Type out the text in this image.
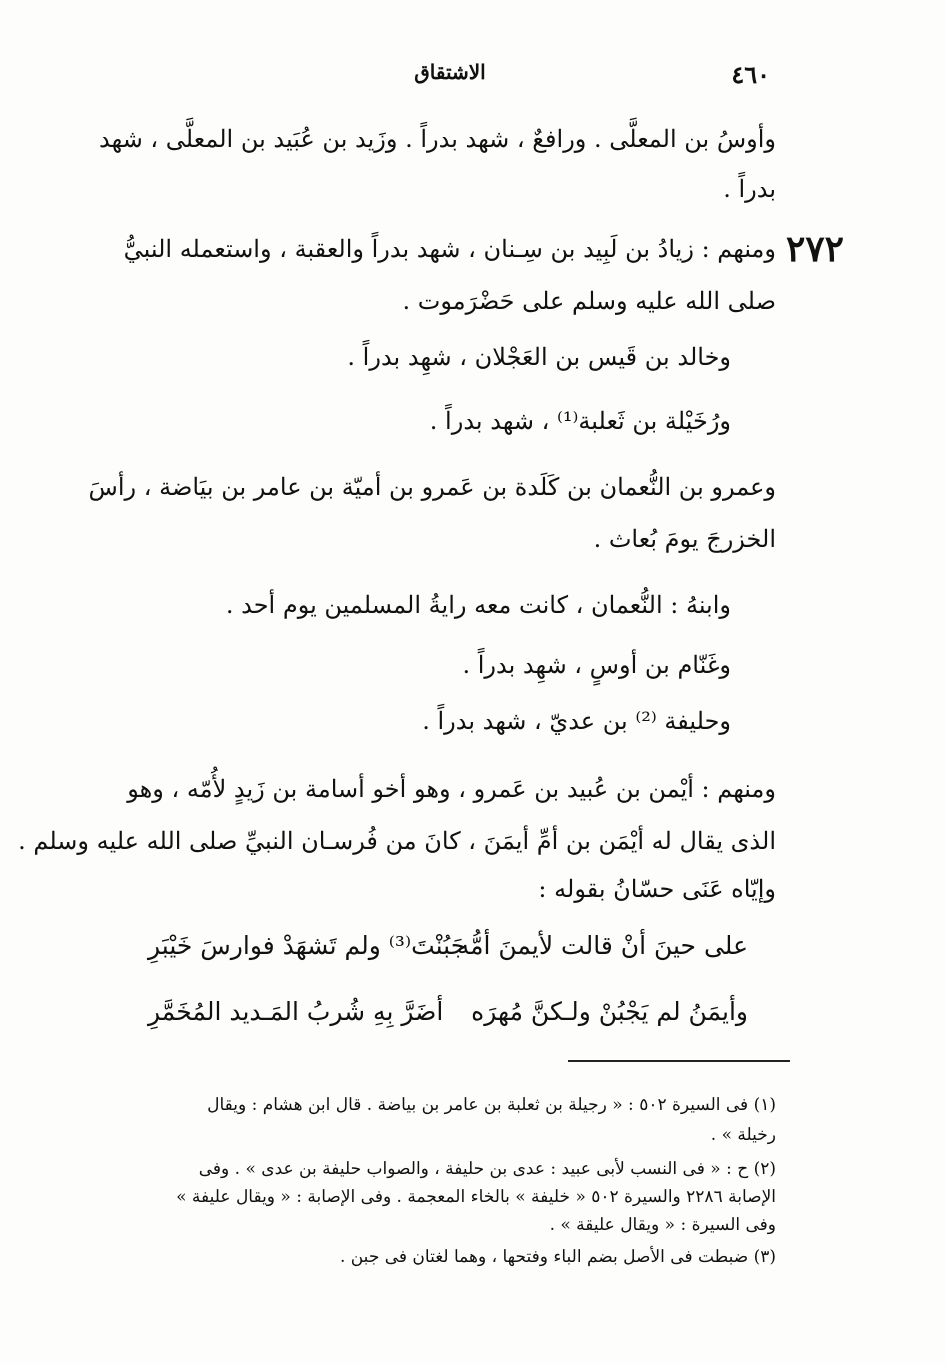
٤٦٠
الاشتقاق
٢٧٢
وأوسُ بن المعلَّى . ورافعٌ ، شهد بدراً . وزَيد بن عُبَيد بن المعلَّى ، شهد
بدراً .
ومنهم : زيادُ بن لَبِيد بن سِـنان ، شهد بدراً والعقبة ، واستعمله النبيُّ
صلى الله عليه وسلم على حَضْرَموت .
وخالد بن قَيس بن العَجْلان ، شهِد بدراً .
ورُخَيْلة بن ثَعلبة⁽¹⁾ ، شهد بدراً .
وعمرو بن النُّعمان بن كَلَدة بن عَمرو بن أميّة بن عامر بن بيَاضة ، رأسَ
الخزرجَ يومَ بُعاث .
وابنهُ : النُّعمان ، كانت معه رايةُ المسلمين يوم أحد .
وغَنّام بن أوسٍ ، شهِد بدراً .
وحليفة ⁽²⁾ بن عديّ ، شهد بدراً .
ومنهم : أيْمن بن عُبيد بن عَمرو ، وهو أخو أسامة بن زَيدٍ لأُمّه ، وهو
الذى يقال له أيْمَن بن أمِّ أيمَنَ ، كانَ من فُرسـان النبيِّ صلى الله عليه وسلم .
وإيّاه عَنَى حسّانُ بقوله :
على حينَ أنْ قالت لأيمنَ أمُّه
جَبُنْتَ⁽³⁾ ولم تَشهَدْ فوارسَ خَيْبَرِ
وأيمَنُ لم يَجْبُنْ ولـكنَّ مُهرَه
أضَرَّ بِهِ شُربُ المَـديد المُخَمَّرِ
(١) فى السيرة ٥٠٢ : « رجيلة بن ثعلبة بن عامر بن بياضة . قال ابن هشام : ويقال
رخيلة » .
(٢) ح : « فى النسب لأبى عبيد : عدى بن حليفة ، والصواب حليفة بن عدى » . وفى
الإصابة ٢٢٨٦ والسيرة ٥٠٢ « خليفة » بالخاء المعجمة . وفى الإصابة : « ويقال عليفة »
وفى السيرة : « ويقال عليقة » .
(٣) ضبطت فى الأصل بضم الباء وفتحها ، وهما لغتان فى جبن .
